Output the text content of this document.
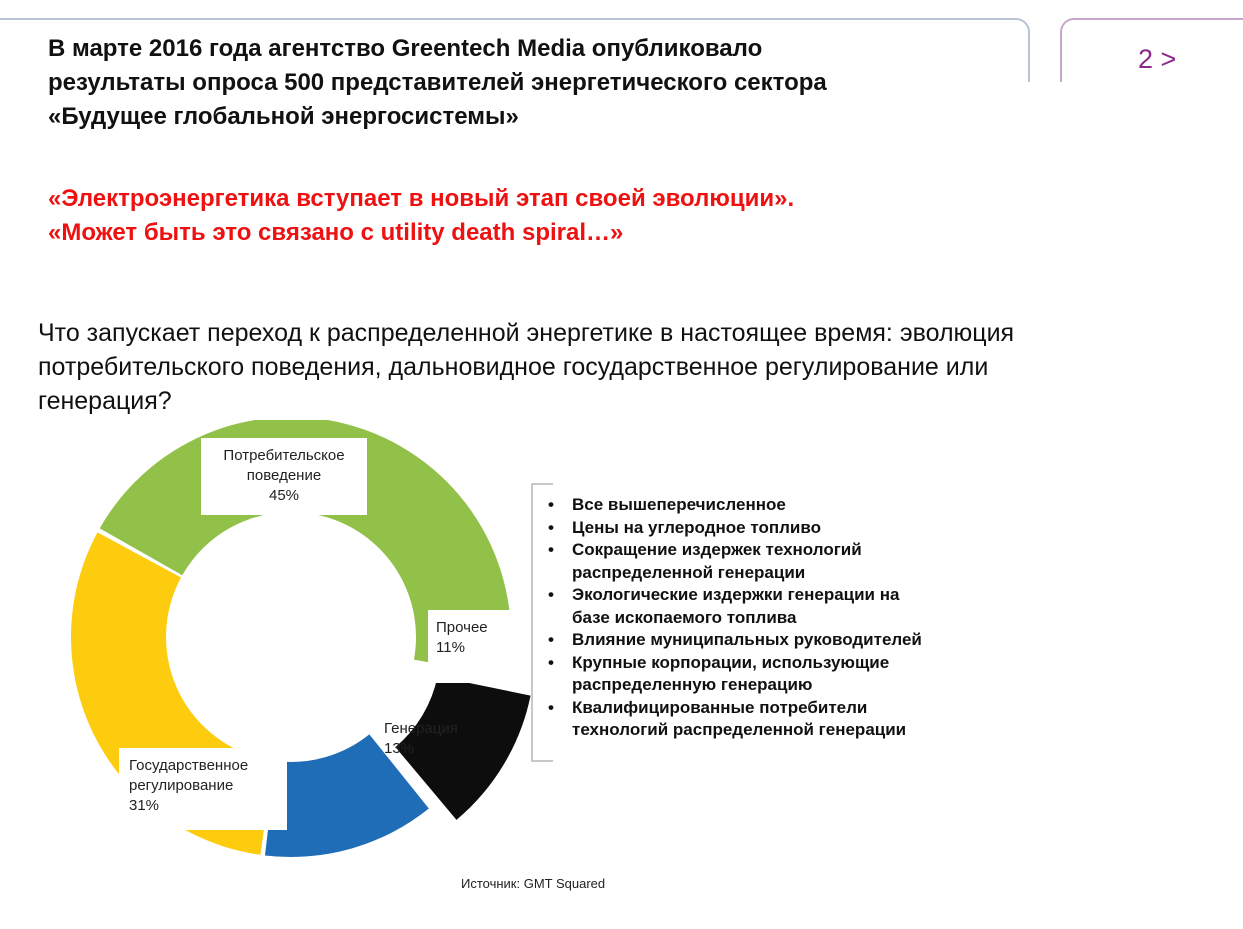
2 >
В марте 2016 года агентство Greentech Media опубликовало
результаты опроса 500 представителей энергетического сектора
«Будущее глобальной энергосистемы»
«Электроэнергетика вступает в новый этап своей эволюции».
«Может быть это связано с utility death spiral…»
Что запускает переход к распределенной энергетике в настоящее время: эволюция
потребительского поведения, дальновидное государственное регулирование или
генерация?
Потребительское
поведение
45%
Прочее
11%
Генерация
13%
Государственное
регулирование
31%
• Все вышеперечисленное
• Цены на углеродное топливо
• Сокращение издержек технологий
распределенной генерации
• Экологические издержки генерации на
базе ископаемого топлива
• Влияние муниципальных руководителей
• Крупные корпорации, использующие
распределенную генерацию
• Квалифицированные потребители
технологий распределенной генерации
Источник: GMT Squared
